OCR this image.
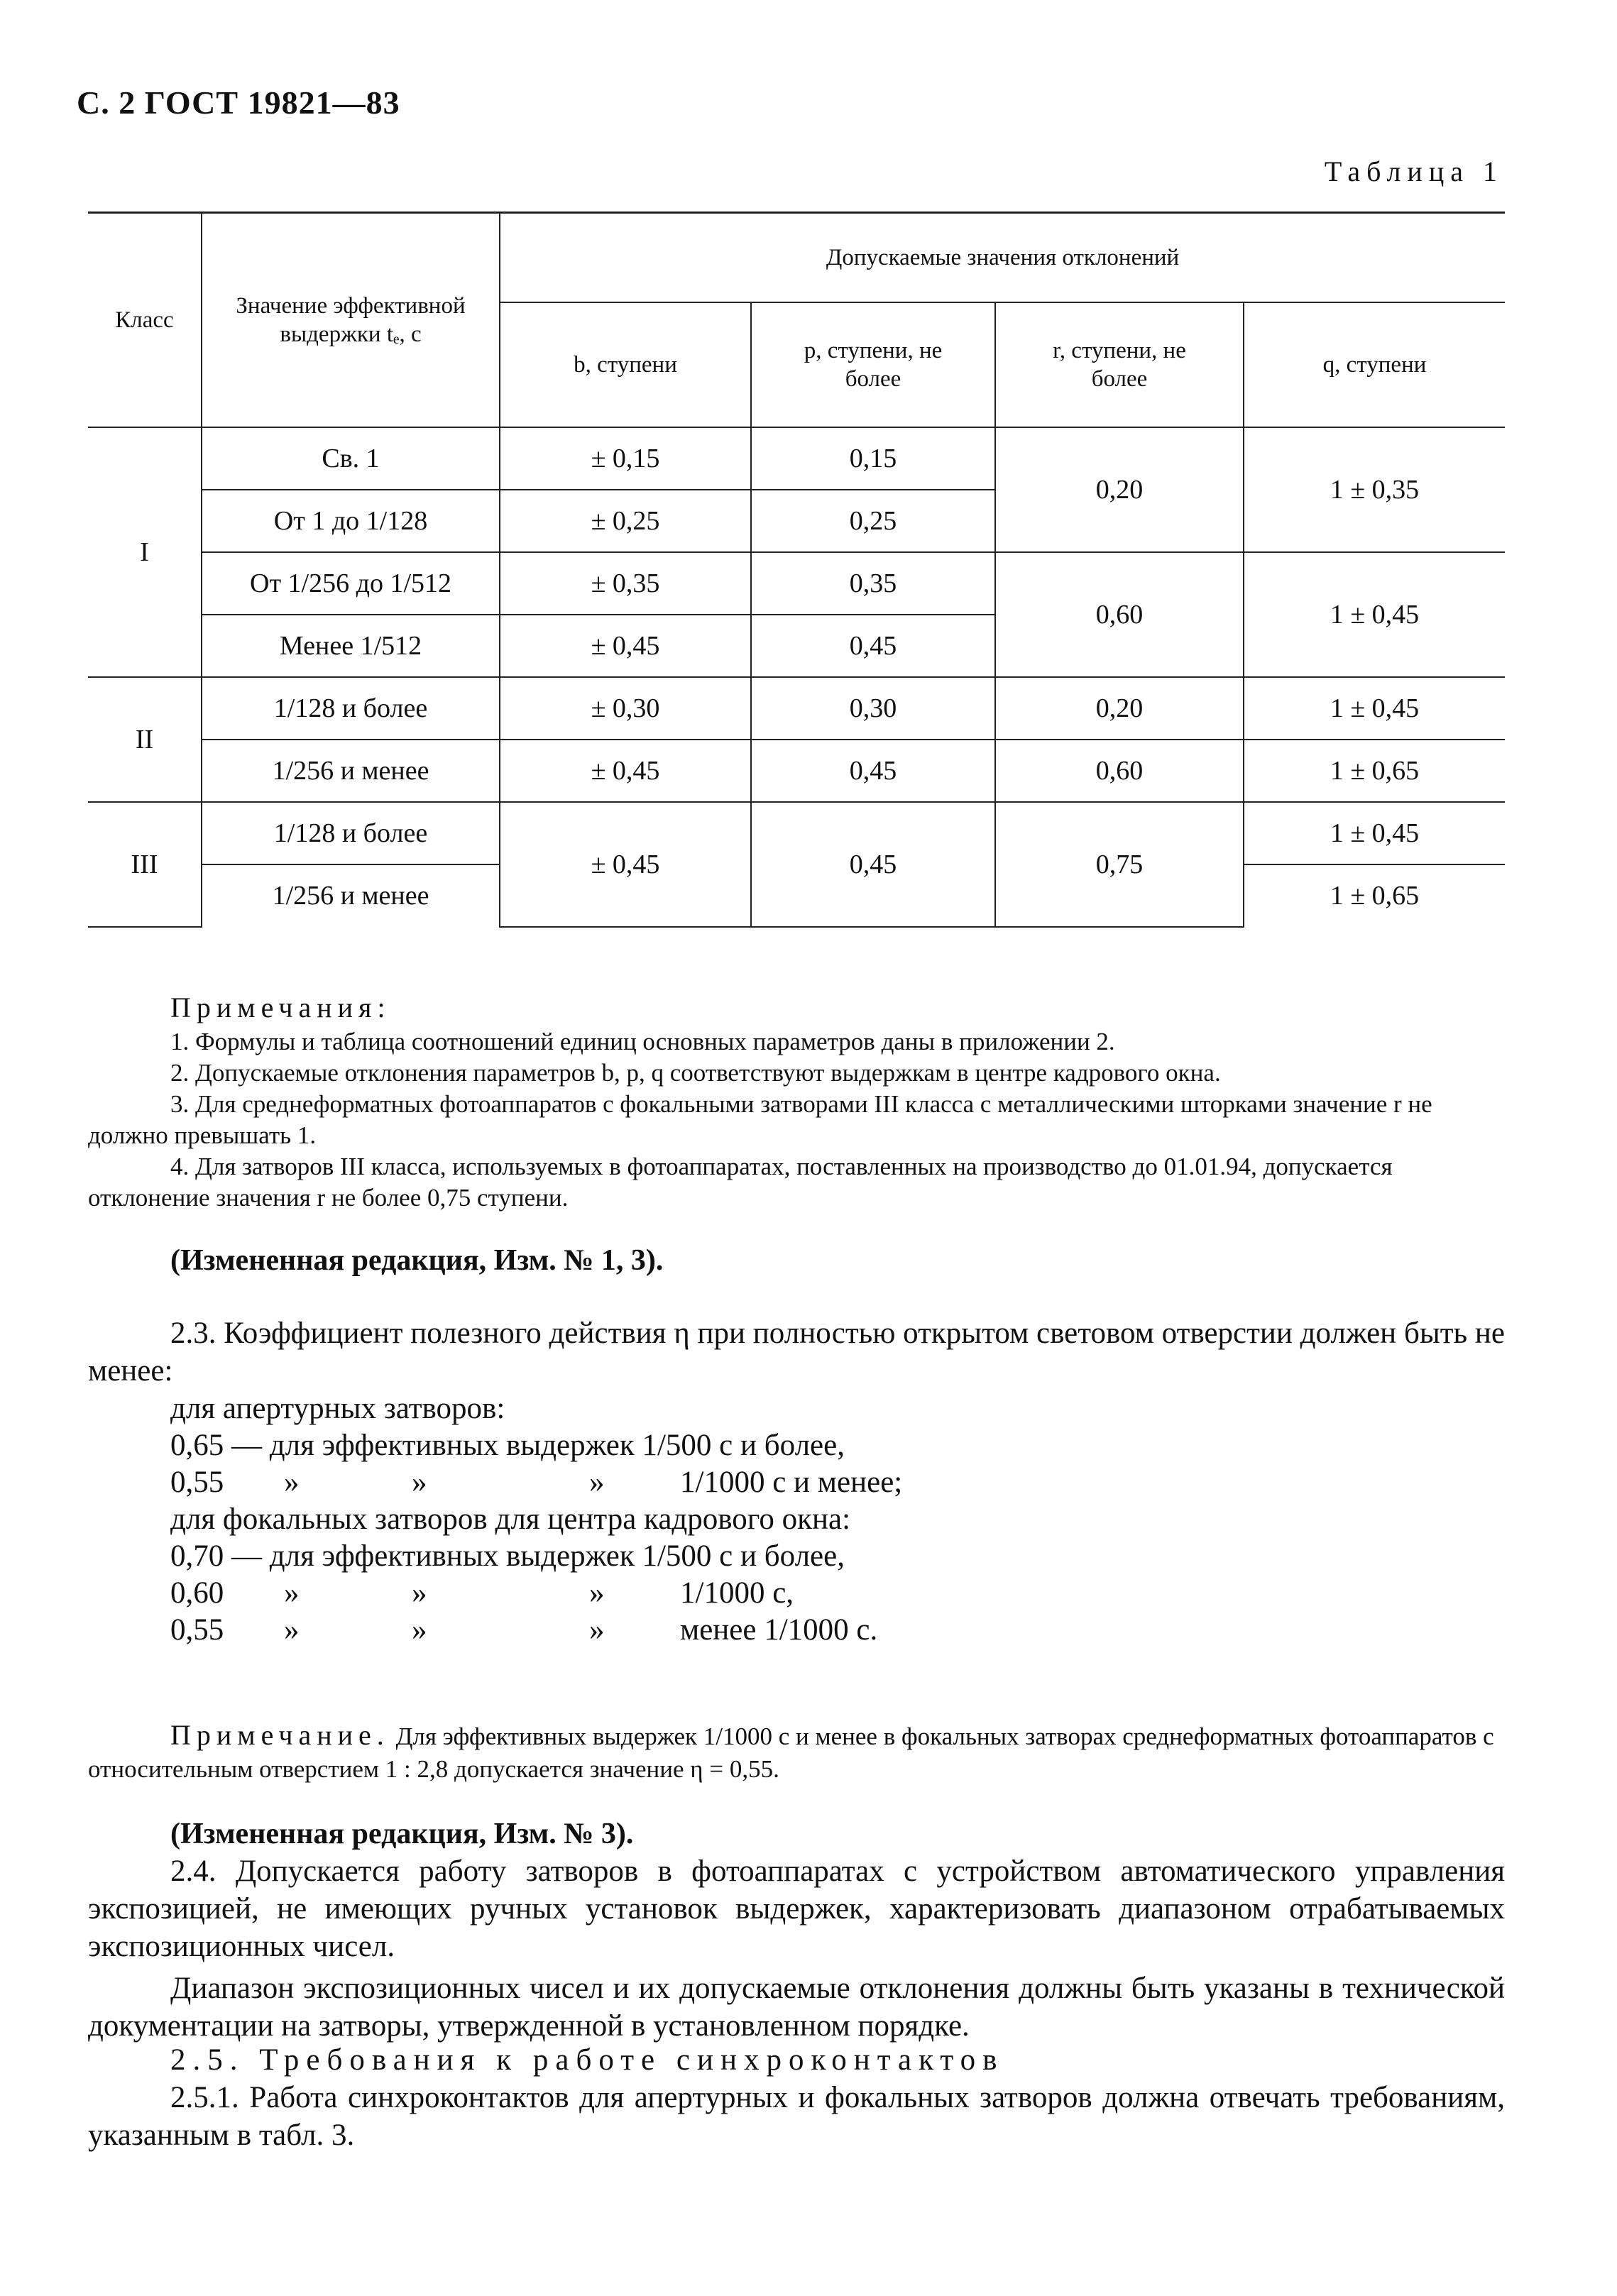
С. 2 ГОСТ 19821—83
Таблица 1
Класс	Значение эффективной выдержки tₑ, с	Допускаемые значения отклонений			
		b, ступени	p, ступени, не более	r, ступени, не более	q, ступени
I	Св. 1	± 0,15	0,15	0,20	1 ± 0,35
	От 1 до 1/128	± 0,25	0,25		
	От 1/256 до 1/512	± 0,35	0,35	0,60	1 ± 0,45
	Менее 1/512	± 0,45	0,45		
II	1/128 и более	± 0,30	0,30	0,20	1 ± 0,45
	1/256 и менее	± 0,45	0,45	0,60	1 ± 0,65
III	1/128 и более	± 0,45	0,45	0,75	1 ± 0,45
	1/256 и менее				1 ± 0,65

Примечания:

1. Формулы и таблица соотношений единиц основных параметров даны в приложении 2.

2. Допускаемые отклонения параметров b, p, q соответствуют выдержкам в центре кадрового окна.

3. Для среднеформатных фотоаппаратов с фокальными затворами III класса с металлическими шторками значение r не должно превышать 1.

4. Для затворов III класса, используемых в фотоаппаратах, поставленных на производство до 01.01.94, допускается отклонение значения r не более 0,75 ступени.

(Измененная редакция, Изм. № 1, 3).

2.3. Коэффициент полезного действия η при полностью открытом световом отверстии должен быть не менее:

для апертурных затворов:
0,65 — для эффективных выдержек 1/500 с и более,
0,55 »	»	» 1/1000 с и менее;
для фокальных затворов для центра кадрового окна:
0,70 — для эффективных выдержек 1/500 с и более,
0,60 »	»	» 1/1000 с,
0,55 »	»	» менее 1/1000 с.
Примечание. Для эффективных выдержек 1/1000 с и менее в фокальных затворах среднеформатных фотоаппаратов с относительным отверстием 1 : 2,8 допускается значение η = 0,55.
(Измененная редакция, Изм. № 3).

2.4. Допускается работу затворов в фотоаппаратах с устройством автоматического управления экспозицией, не имеющих ручных установок выдержек, характеризовать диапазоном отрабатываемых экспозиционных чисел.

Диапазон экспозиционных чисел и их допускаемые отклонения должны быть указаны в технической документации на затворы, утвержденной в установленном порядке.

2.5. Требования к работе синхроконтактов

2.5.1. Работа синхроконтактов для апертурных и фокальных затворов должна отвечать требованиям, указанным в табл. 3.
